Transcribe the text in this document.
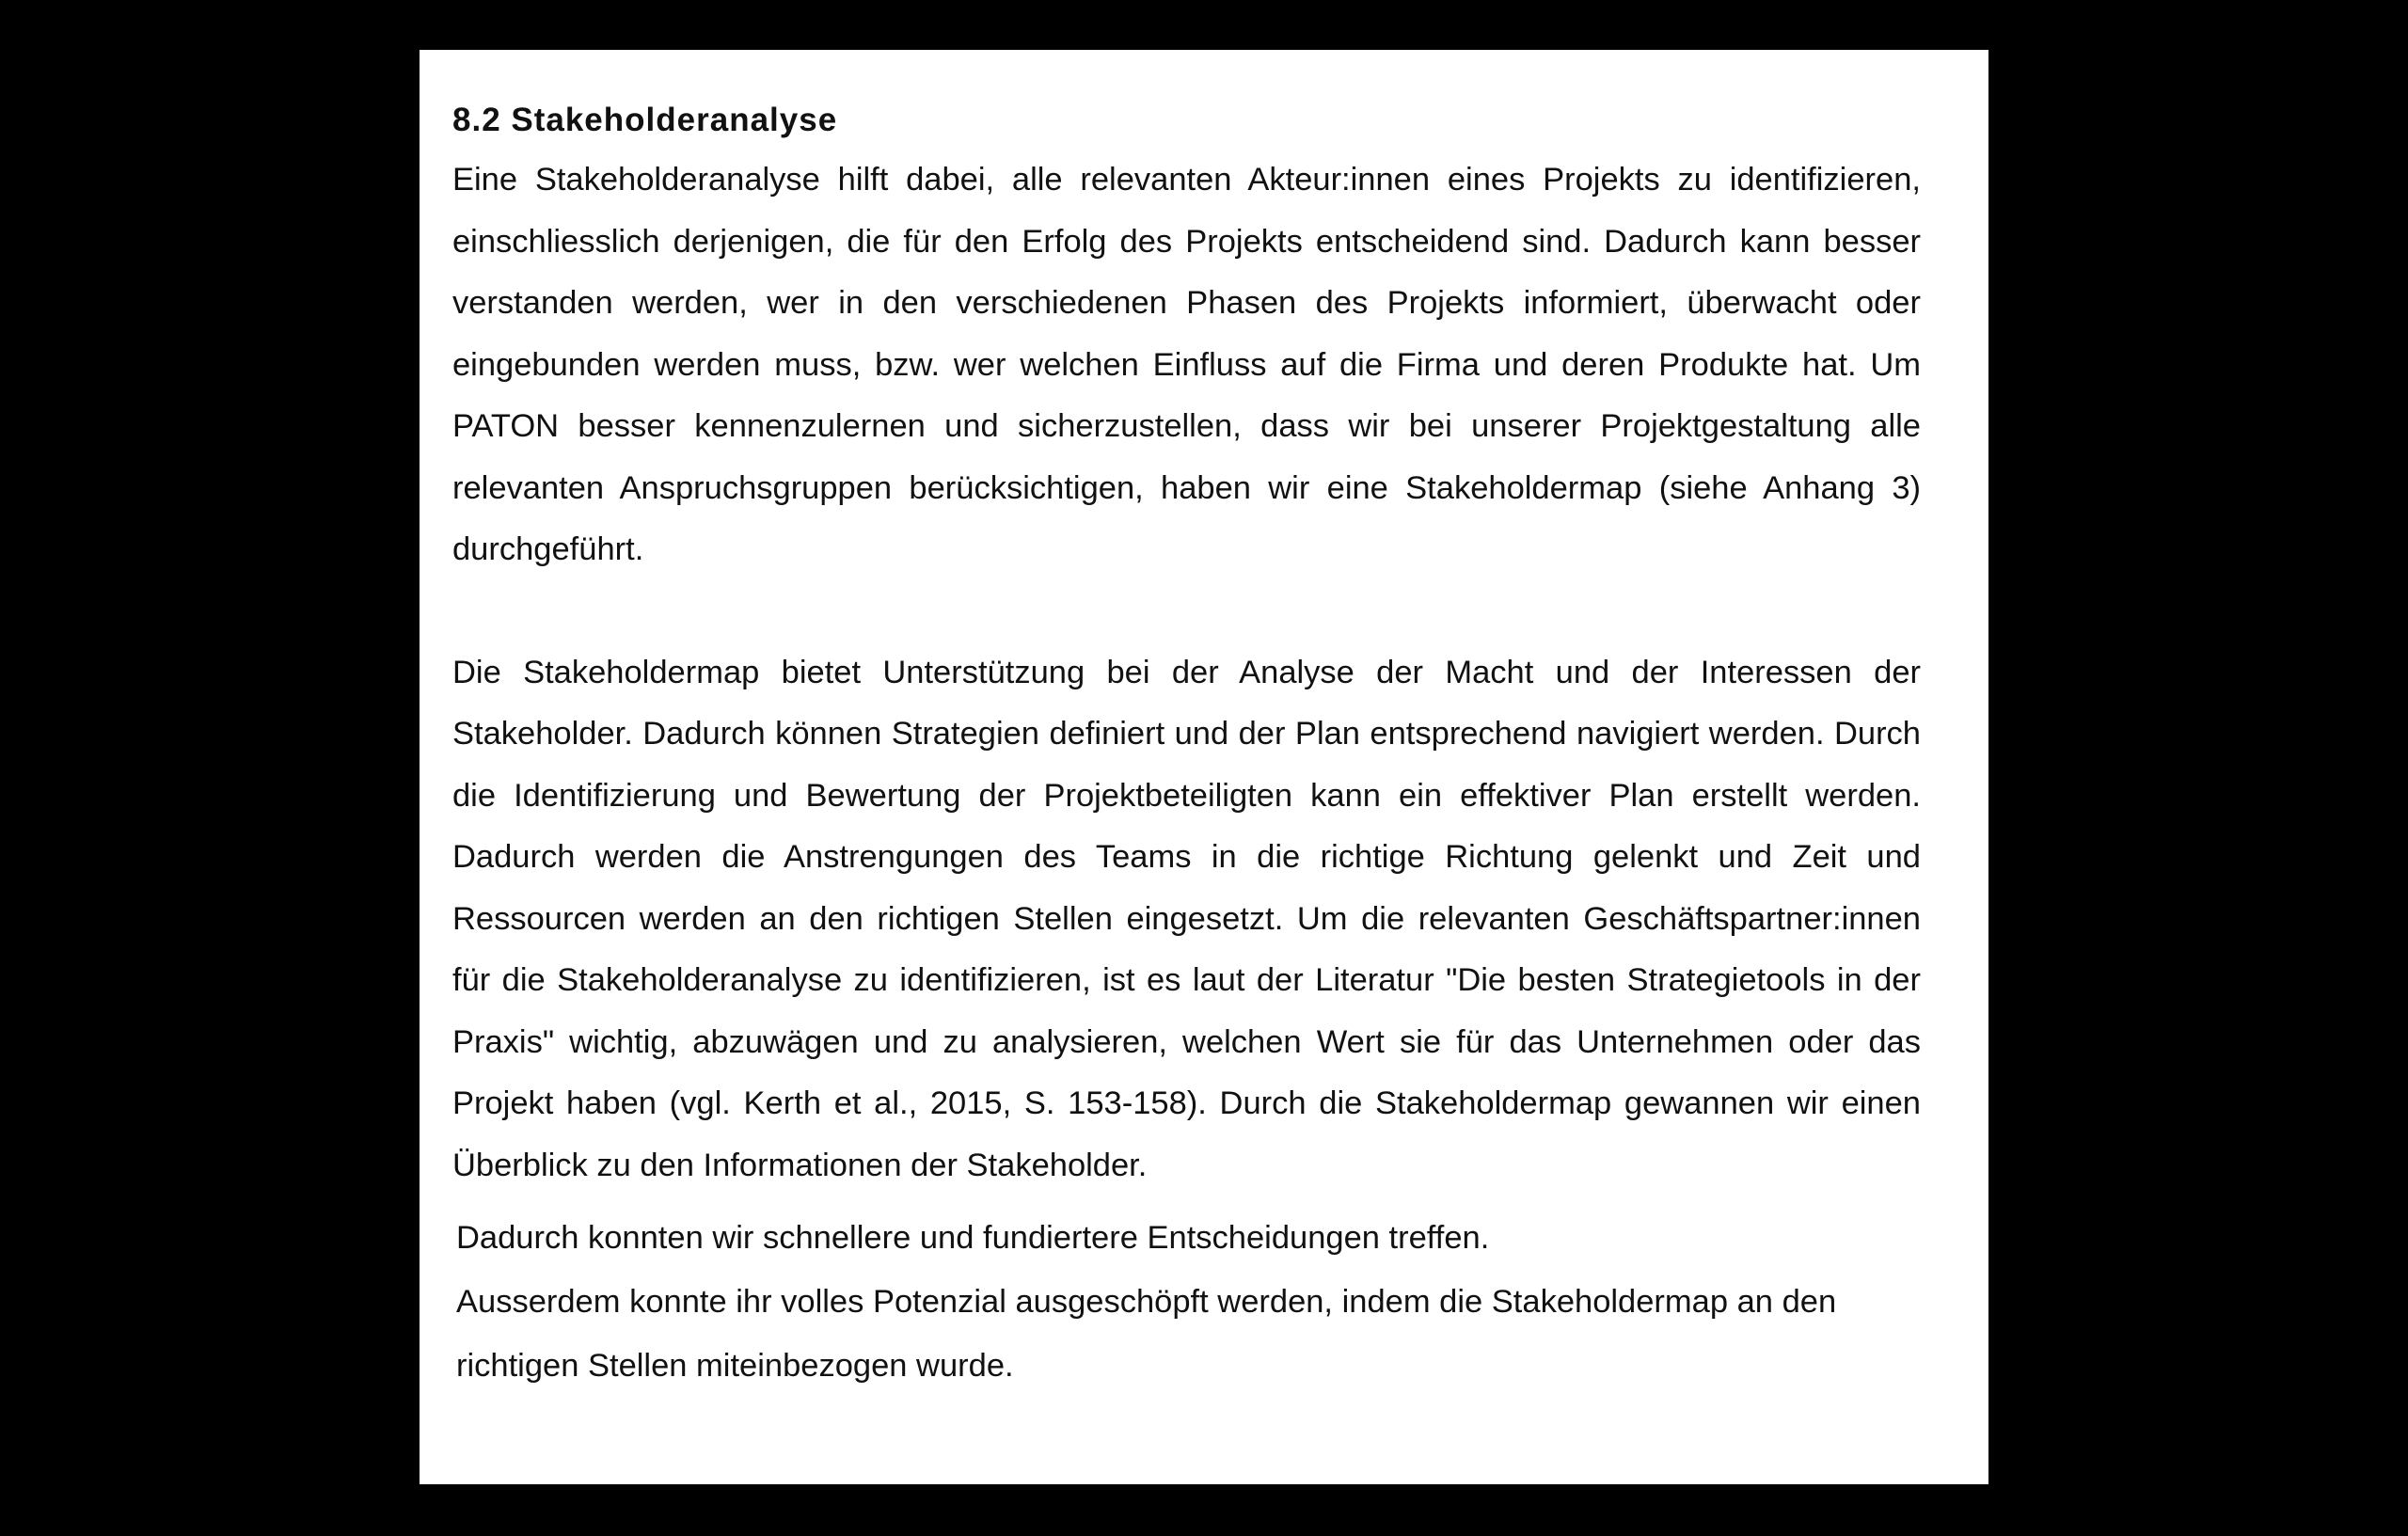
8.2 Stakeholderanalyse

Eine Stakeholderanalyse hilft dabei, alle relevanten Akteur:innen eines Projekts zu identifizieren, einschliesslich derjenigen, die für den Erfolg des Projekts entscheidend sind. Dadurch kann besser verstanden werden, wer in den verschiedenen Phasen des Projekts informiert, überwacht oder eingebunden werden muss, bzw. wer welchen Einfluss auf die Firma und deren Produkte hat. Um PATON besser kennenzulernen und sicherzustellen, dass wir bei unserer Projektgestaltung alle relevanten Anspruchsgruppen berücksichtigen, haben wir eine Stakeholdermap (siehe Anhang 3) durchgeführt.

Die Stakeholdermap bietet Unterstützung bei der Analyse der Macht und der Interessen der Stakeholder. Dadurch können Strategien definiert und der Plan entsprechend navigiert werden. Durch die Identifizierung und Bewertung der Projektbeteiligten kann ein effektiver Plan erstellt werden. Dadurch werden die Anstrengungen des Teams in die richtige Richtung gelenkt und Zeit und Ressourcen werden an den richtigen Stellen eingesetzt. Um die relevanten Geschäftspartner:innen für die Stakeholderanalyse zu identifizieren, ist es laut der Literatur "Die besten Strategietools in der Praxis" wichtig, abzuwägen und zu analysieren, welchen Wert sie für das Unternehmen oder das Projekt haben (vgl. Kerth et al., 2015, S. 153-158). Durch die Stakeholdermap gewannen wir einen Überblick zu den Informationen der Stakeholder.

Dadurch konnten wir schnellere und fundiertere Entscheidungen treffen.
Ausserdem konnte ihr volles Potenzial ausgeschöpft werden, indem die Stakeholdermap an den richtigen Stellen miteinbezogen wurde.
